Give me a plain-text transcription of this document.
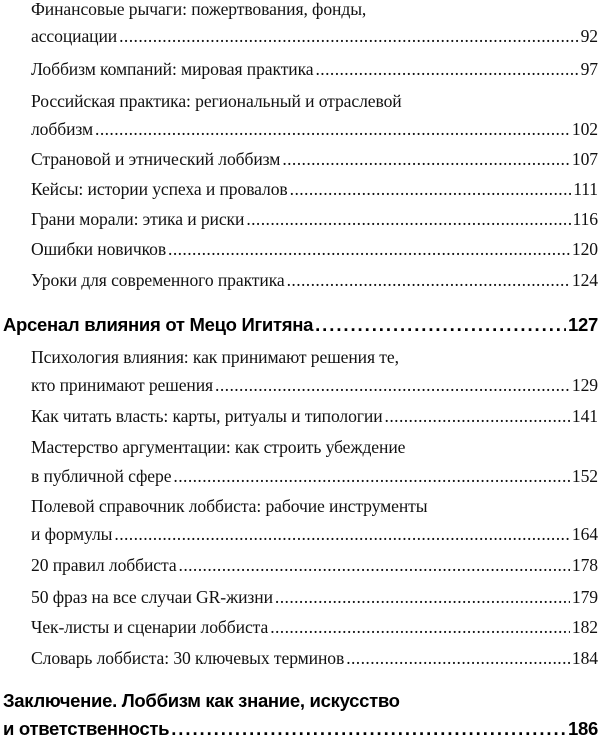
Финансовые рычаги: пожертвования, фонды,
ассоциации . . .	92
Лоббизм компаний: мировая практика . . .	97
Российская практика: региональный и отраслевой
лоббизм . . .	102
Страновой и этнический лоббизм . . .	107
Кейсы: истории успеха и провалов . . .	111
Грани морали: этика и риски . . .	116
Ошибки новичков . . .	120
Уроки для современного практика . . .	124
Арсенал влияния от Мецо Игитяна . . .	127
Психология влияния: как принимают решения те,
кто принимают решения . . .	129
Как читать власть: карты, ритуалы и типологии . . .	141
Мастерство аргументации: как строить убеждение
в публичной сфере . . .	152
Полевой справочник лоббиста: рабочие инструменты
и формулы . . .	164
20 правил лоббиста . . .	178
50 фраз на все случаи GR-жизни . . .	179
Чек-листы и сценарии лоббиста . . .	182
Словарь лоббиста: 30 ключевых терминов . . .	184
Заключение. Лоббизм как знание, искусство
и ответственность . . .	186
